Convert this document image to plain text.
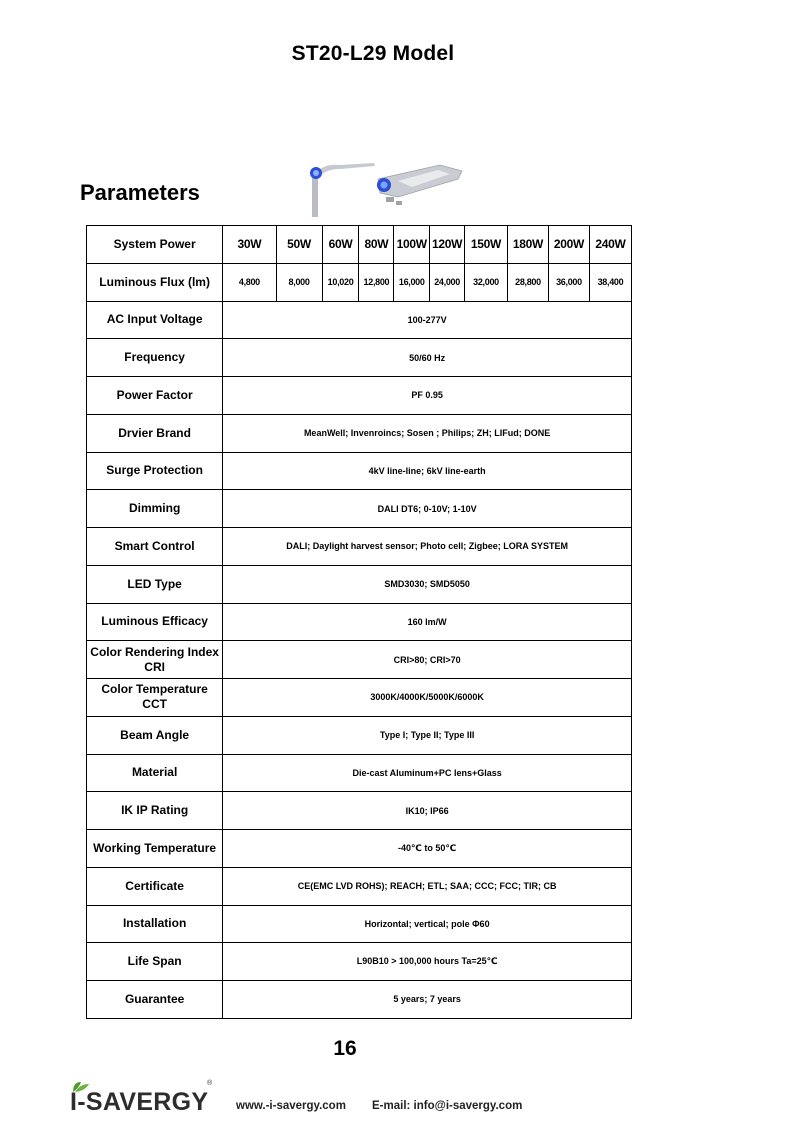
ST20-L29 Model
Parameters
System Power	30W	50W	60W	80W	100W	120W	150W	180W	200W	240W
Luminous Flux (lm)	4,800	8,000	10,020	12,800	16,000	24,000	32,000	28,800	36,000	38,400
AC Input Voltage	100-277V									
Frequency	50/60 Hz									
Power Factor	PF 0.95									
Drvier Brand	MeanWell; Invenroincs; Sosen ; Philips; ZH; LIFud; DONE									
Surge Protection	4kV line-line; 6kV line-earth									
Dimming	DALI DT6; 0-10V; 1-10V									
Smart Control	DALI; Daylight harvest sensor; Photo cell; Zigbee; LORA SYSTEM									
LED Type	SMD3030; SMD5050									
Luminous Efficacy	160 lm/W									
Color Rendering Index CRI	CRI>80; CRI>70									
Color Temperature CCT	3000K/4000K/5000K/6000K									
Beam Angle	Type I; Type II; Type III									
Material	Die-cast Aluminum+PC lens+Glass									
IK IP Rating	IK10; IP66									
Working Temperature	-40℃ to 50℃									
Certificate	CE(EMC LVD ROHS); REACH; ETL; SAA; CCC; FCC; TIR; CB									
Installation	Horizontal; vertical; pole Φ60									
Life Span	L90B10 > 100,000 hours Ta=25℃									
Guarantee	5 years; 7 years									
16
I-SAVERGY
®
www.-i-savergy.com E-mail: info@i-savergy.com
